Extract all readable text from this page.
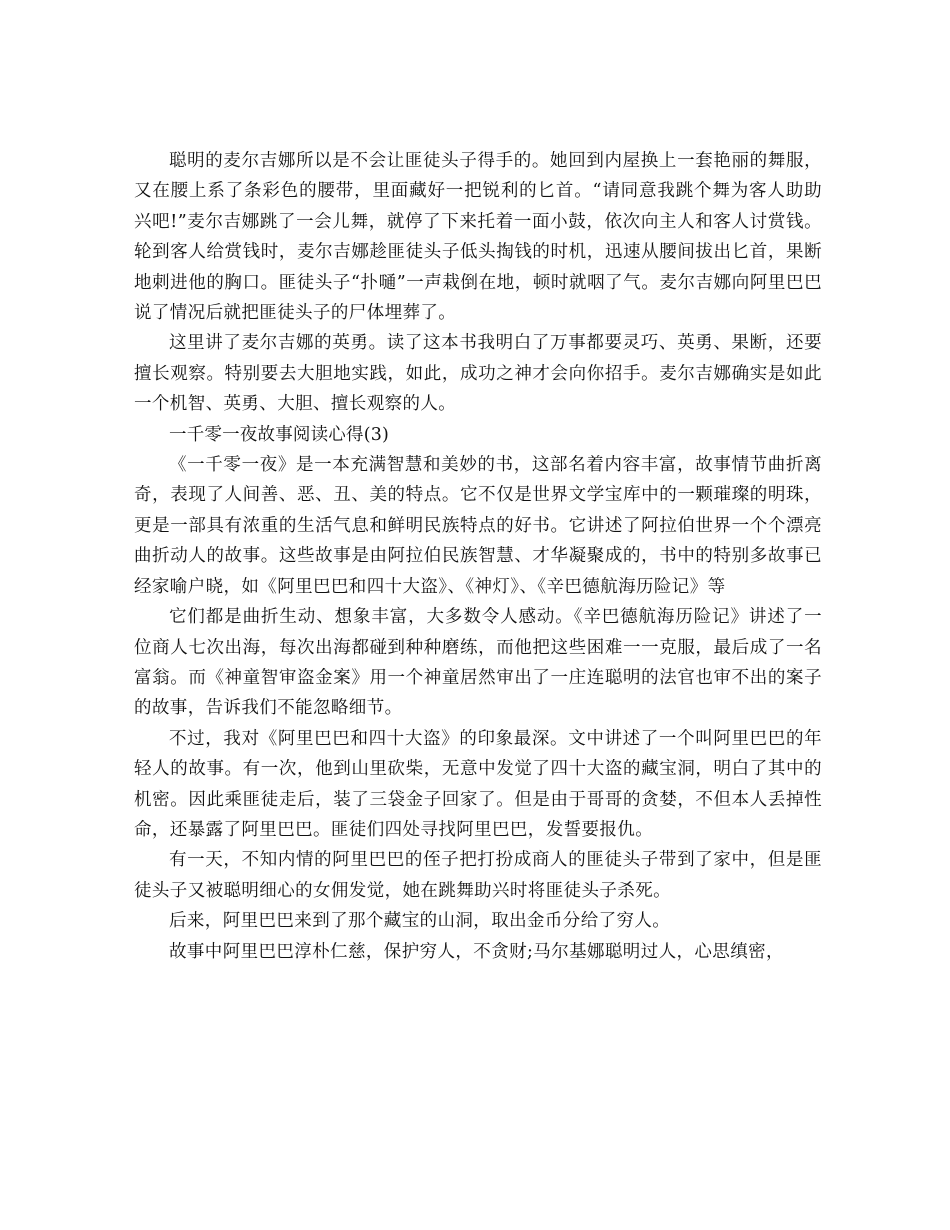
聪明的麦尔吉娜所以是不会让匪徒头子得手的。她回到内屋换上一套艳丽的舞服，又在腰上系了条彩色的腰带，里面藏好一把锐利的匕首。“请同意我跳个舞为客人助助兴吧!”麦尔吉娜跳了一会儿舞，就停了下来托着一面小鼓，依次向主人和客人讨赏钱。轮到客人给赏钱时，麦尔吉娜趁匪徒头子低头掏钱的时机，迅速从腰间拔出匕首，果断地刺进他的胸口。匪徒头子“扑嗵”一声栽倒在地，顿时就咽了气。麦尔吉娜向阿里巴巴说了情况后就把匪徒头子的尸体埋葬了。

这里讲了麦尔吉娜的英勇。读了这本书我明白了万事都要灵巧、英勇、果断，还要擅长观察。特别要去大胆地实践，如此，成功之神才会向你招手。麦尔吉娜确实是如此一个机智、英勇、大胆、擅长观察的人。

一千零一夜故事阅读心得(3)

《一千零一夜》是一本充满智慧和美妙的书，这部名着内容丰富，故事情节曲折离奇，表现了人间善、恶、丑、美的特点。它不仅是世界文学宝库中的一颗璀璨的明珠，更是一部具有浓重的生活气息和鲜明民族特点的好书。它讲述了阿拉伯世界一个个漂亮曲折动人的故事。这些故事是由阿拉伯民族智慧、才华凝聚成的，书中的特别多故事已经家喻户晓，如《阿里巴巴和四十大盗》、《神灯》、《辛巴德航海历险记》等

它们都是曲折生动、想象丰富，大多数令人感动。《辛巴德航海历险记》讲述了一位商人七次出海，每次出海都碰到种种磨练，而他把这些困难一一克服，最后成了一名富翁。而《神童智审盗金案》用一个神童居然审出了一庄连聪明的法官也审不出的案子的故事，告诉我们不能忽略细节。

不过，我对《阿里巴巴和四十大盗》的印象最深。文中讲述了一个叫阿里巴巴的年轻人的故事。有一次，他到山里砍柴，无意中发觉了四十大盗的藏宝洞，明白了其中的机密。因此乘匪徒走后，装了三袋金子回家了。但是由于哥哥的贪婪，不但本人丢掉性命，还暴露了阿里巴巴。匪徒们四处寻找阿里巴巴，发誓要报仇。

有一天，不知内情的阿里巴巴的侄子把打扮成商人的匪徒头子带到了家中，但是匪徒头子又被聪明细心的女佣发觉，她在跳舞助兴时将匪徒头子杀死。

后来，阿里巴巴来到了那个藏宝的山洞，取出金币分给了穷人。

故事中阿里巴巴淳朴仁慈，保护穷人，不贪财;马尔基娜聪明过人，心思缜密，
